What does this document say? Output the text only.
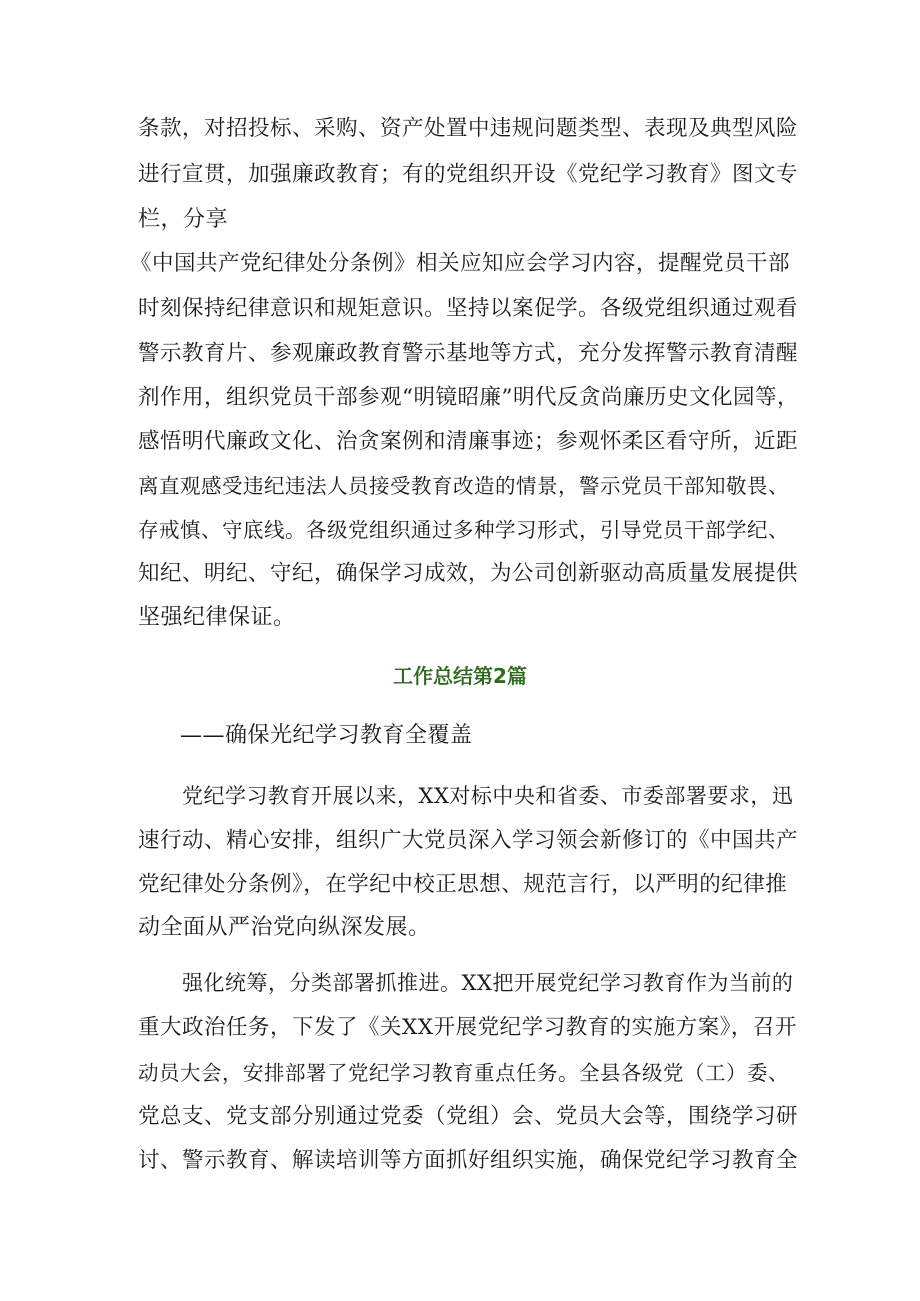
条款，对招投标、采购、资产处置中违规问题类型、表现及典型风险

进行宣贯，加强廉政教育；有的党组织开设《党纪学习教育》图文专

栏，分享

《中国共产党纪律处分条例》相关应知应会学习内容，提醒党员干部

时刻保持纪律意识和规矩意识。坚持以案促学。各级党组织通过观看

警示教育片、参观廉政教育警示基地等方式，充分发挥警示教育清醒

剂作用，组织党员干部参观“明镜昭廉”明代反贪尚廉历史文化园等，

感悟明代廉政文化、治贪案例和清廉事迹；参观怀柔区看守所，近距

离直观感受违纪违法人员接受教育改造的情景，警示党员干部知敬畏、

存戒慎、守底线。各级党组织通过多种学习形式，引导党员干部学纪、

知纪、明纪、守纪，确保学习成效，为公司创新驱动高质量发展提供

坚强纪律保证。

工作总结第2篇

——确保光纪学习教育全覆盖

党纪学习教育开展以来，XX对标中央和省委、市委部署要求，迅

速行动、精心安排，组织广大党员深入学习领会新修订的《中国共产

党纪律处分条例》，在学纪中校正思想、规范言行，以严明的纪律推

动全面从严治党向纵深发展。

强化统筹，分类部署抓推进。XX把开展党纪学习教育作为当前的

重大政治任务，下发了《关XX开展党纪学习教育的实施方案》，召开

动员大会，安排部署了党纪学习教育重点任务。全县各级党（工）委、

党总支、党支部分别通过党委（党组）会、党员大会等，围绕学习研

讨、警示教育、解读培训等方面抓好组织实施，确保党纪学习教育全
